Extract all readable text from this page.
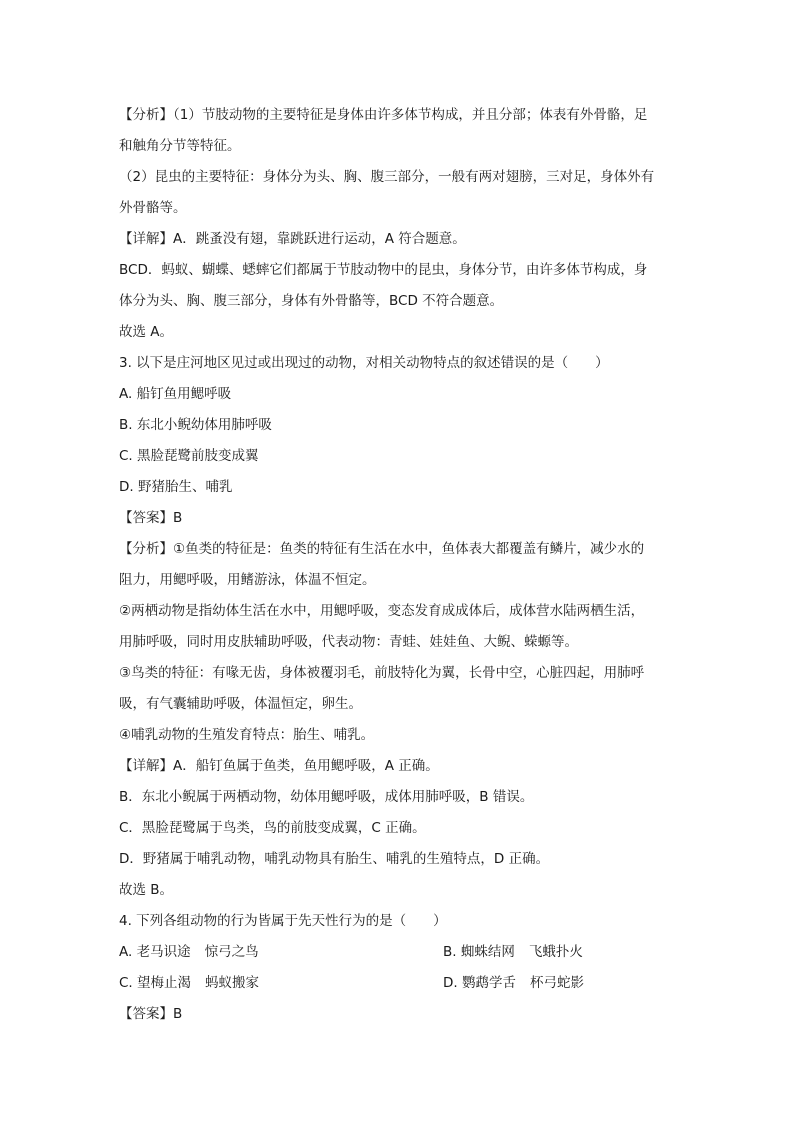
【分析】（1）节肢动物的主要特征是身体由许多体节构成，并且分部；体表有外骨骼，足
和触角分节等特征。
（2）昆虫的主要特征：身体分为头、胸、腹三部分，一般有两对翅膀，三对足，身体外有
外骨骼等。
【详解】A．跳蚤没有翅，靠跳跃进行运动，A 符合题意。
BCD．蚂蚁、蝴蝶、蟋蟀它们都属于节肢动物中的昆虫，身体分节，由许多体节构成，身
体分为头、胸、腹三部分，身体有外骨骼等，BCD 不符合题意。
故选 A。
3. 以下是庄河地区见过或出现过的动物，对相关动物特点的叙述错误的是（　　）
A. 船钉鱼用鳃呼吸
B. 东北小鲵幼体用肺呼吸
C. 黑脸琵鹭前肢变成翼
D. 野猪胎生、哺乳
【答案】B
【分析】①鱼类的特征是：鱼类的特征有生活在水中，鱼体表大都覆盖有鳞片，减少水的
阻力，用鳃呼吸，用鳍游泳，体温不恒定。
②两栖动物是指幼体生活在水中，用鳃呼吸，变态发育成成体后，成体营水陆两栖生活，
用肺呼吸，同时用皮肤辅助呼吸，代表动物：青蛙、娃娃鱼、大鲵、蝾螈等。
③鸟类的特征：有喙无齿，身体被覆羽毛，前肢特化为翼，长骨中空，心脏四起，用肺呼
吸，有气囊辅助呼吸，体温恒定，卵生。
④哺乳动物的生殖发育特点：胎生、哺乳。
【详解】A．船钉鱼属于鱼类，鱼用鳃呼吸，A 正确。
B．东北小鲵属于两栖动物，幼体用鳃呼吸，成体用肺呼吸，B 错误。
C．黑脸琵鹭属于鸟类，鸟的前肢变成翼，C 正确。
D．野猪属于哺乳动物，哺乳动物具有胎生、哺乳的生殖特点，D 正确。
故选 B。
4. 下列各组动物的行为皆属于先天性行为的是（　　）
A. 老马识途 惊弓之鸟	B. 蜘蛛结网 飞蛾扑火
C. 望梅止渴 蚂蚁搬家	D. 鹦鹉学舌 杯弓蛇影
【答案】B
